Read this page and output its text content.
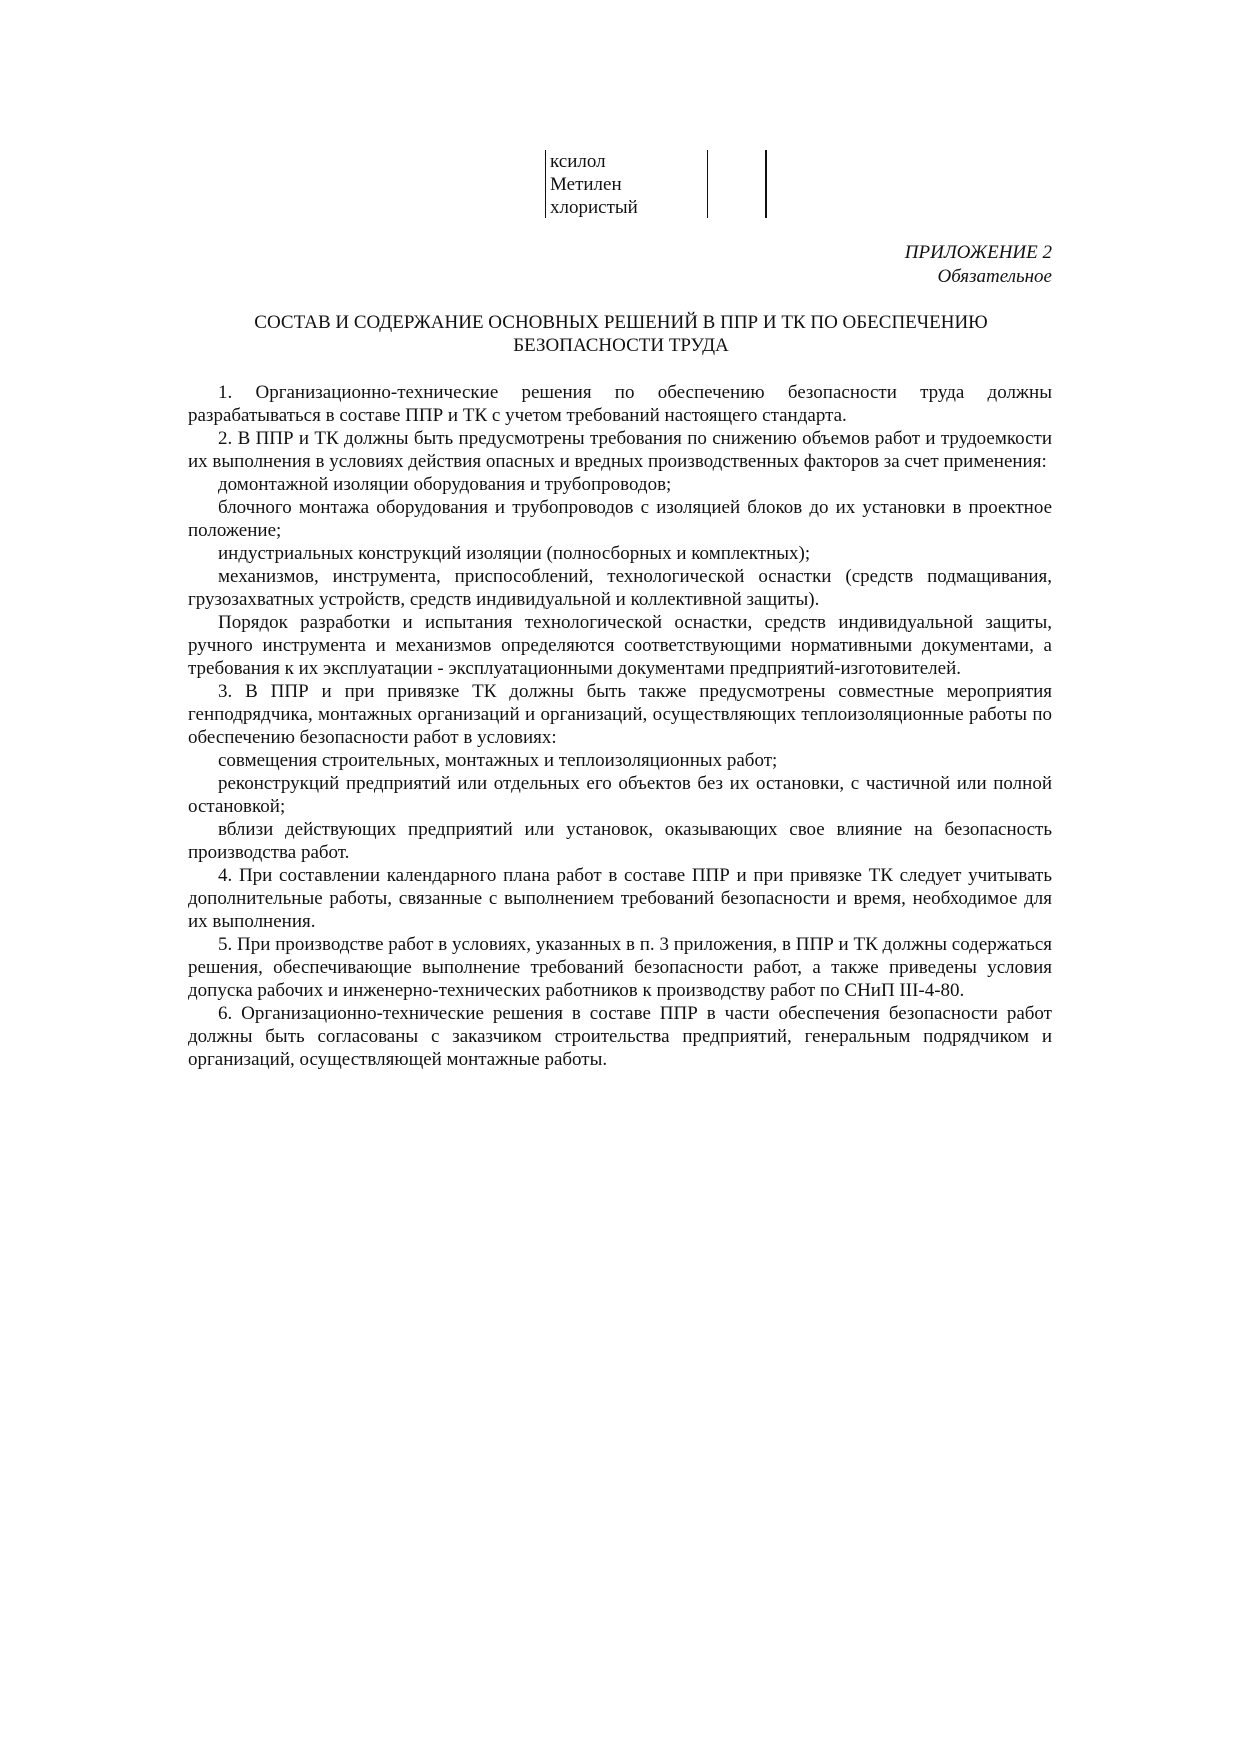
ксилол
Метилен
хлористый
ПРИЛОЖЕНИЕ 2
Обязательное
СОСТАВ И СОДЕРЖАНИЕ ОСНОВНЫХ РЕШЕНИЙ В ППР И ТК ПО ОБЕСПЕЧЕНИЮ
БЕЗОПАСНОСТИ ТРУДА

1. Организационно-технические решения по обеспечению безопасности труда должны разрабатываться в составе ППР и ТК с учетом требований настоящего стандарта.

2. В ППР и ТК должны быть предусмотрены требования по снижению объемов работ и трудоемкости их выполнения в условиях действия опасных и вредных производственных факторов за счет применения:

домонтажной изоляции оборудования и трубопроводов;

блочного монтажа оборудования и трубопроводов с изоляцией блоков до их установки в проектное положение;

индустриальных конструкций изоляции (полносборных и комплектных);

механизмов, инструмента, приспособлений, технологической оснастки (средств подмащивания, грузозахватных устройств, средств индивидуальной и коллективной защиты).

Порядок разработки и испытания технологической оснастки, средств индивидуальной защиты, ручного инструмента и механизмов определяются соответствующими нормативными документами, а требования к их эксплуатации - эксплуатационными документами предприятий-изготовителей.

3. В ППР и при привязке ТК должны быть также предусмотрены совместные мероприятия генподрядчика, монтажных организаций и организаций, осуществляющих теплоизоляционные работы по обеспечению безопасности работ в условиях:

совмещения строительных, монтажных и теплоизоляционных работ;

реконструкций предприятий или отдельных его объектов без их остановки, с частичной или полной остановкой;

вблизи действующих предприятий или установок, оказывающих свое влияние на безопасность производства работ.

4. При составлении календарного плана работ в составе ППР и при привязке ТК следует учитывать дополнительные работы, связанные с выполнением требований безопасности и время, необходимое для их выполнения.

5. При производстве работ в условиях, указанных в п. 3 приложения, в ППР и ТК должны содержаться решения, обеспечивающие выполнение требований безопасности работ, а также приведены условия допуска рабочих и инженерно-технических работников к производству работ по СНиП III-4-80.

6. Организационно-технические решения в составе ППР в части обеспечения безопасности работ должны быть согласованы с заказчиком строительства предприятий, генеральным подрядчиком и организаций, осуществляющей монтажные работы.
